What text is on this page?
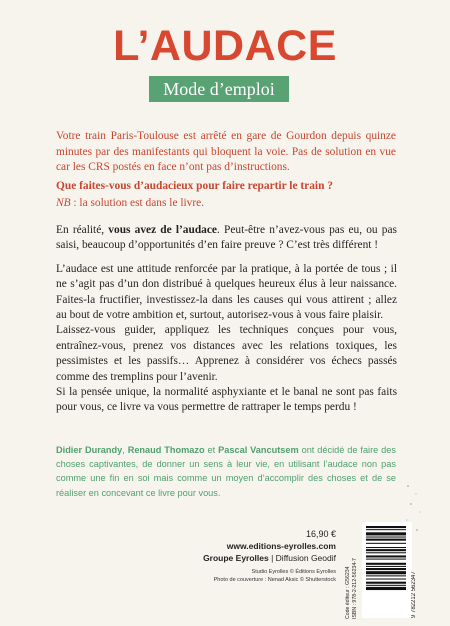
L’AUDACE
Mode d’emploi

Votre train Paris-Toulouse est arrêté en gare de Gourdon depuis quinze minutes par des manifestants qui bloquent la voie. Pas de solution en vue car les CRS postés en face n’ont pas d’instructions.

Que faites-vous d’audacieux pour faire repartir le train ?

NB : la solution est dans le livre.

En réalité, vous avez de l’audace. Peut-être n’avez-vous pas eu, ou pas saisi, beaucoup d’opportunités d’en faire preuve ? C’est très différent !

L’audace est une attitude renforcée par la pratique, à la portée de tous ; il ne s’agit pas d’un don distribué à quelques heureux élus à leur naissance. Faites-la fructifier, investissez-la dans les causes qui vous attirent ; allez au bout de votre ambition et, surtout, autorisez-vous à vous faire plaisir.

Laissez-vous guider, appliquez les techniques conçues pour vous, entraînez-vous, prenez vos distances avec les relations toxiques, les pessimistes et les passifs… Apprenez à considérer vos échecs passés comme des tremplins pour l’avenir.

Si la pensée unique, la normalité asphyxiante et le banal ne sont pas faits pour vous, ce livre va vous permettre de rattraper le temps perdu !

Didier Durandy, Renaud Thomazo et Pascal Vancutsem ont décidé de faire des choses captivantes, de donner un sens à leur vie, en utilisant l’audace non pas comme une fin en soi mais comme un moyen d’accomplir des choses et de se réaliser en concevant ce livre pour vous.
16,90 €
www.editions-eyrolles.com
Groupe Eyrolles | Diffusion Geodif
Studio Eyrolles © Éditions Eyrolles
Photo de couverture : Nenad Aksic © Shutterstock Code éditeur : G56234 ISBN : 978-2-212-56234-7	9 782212 562347
